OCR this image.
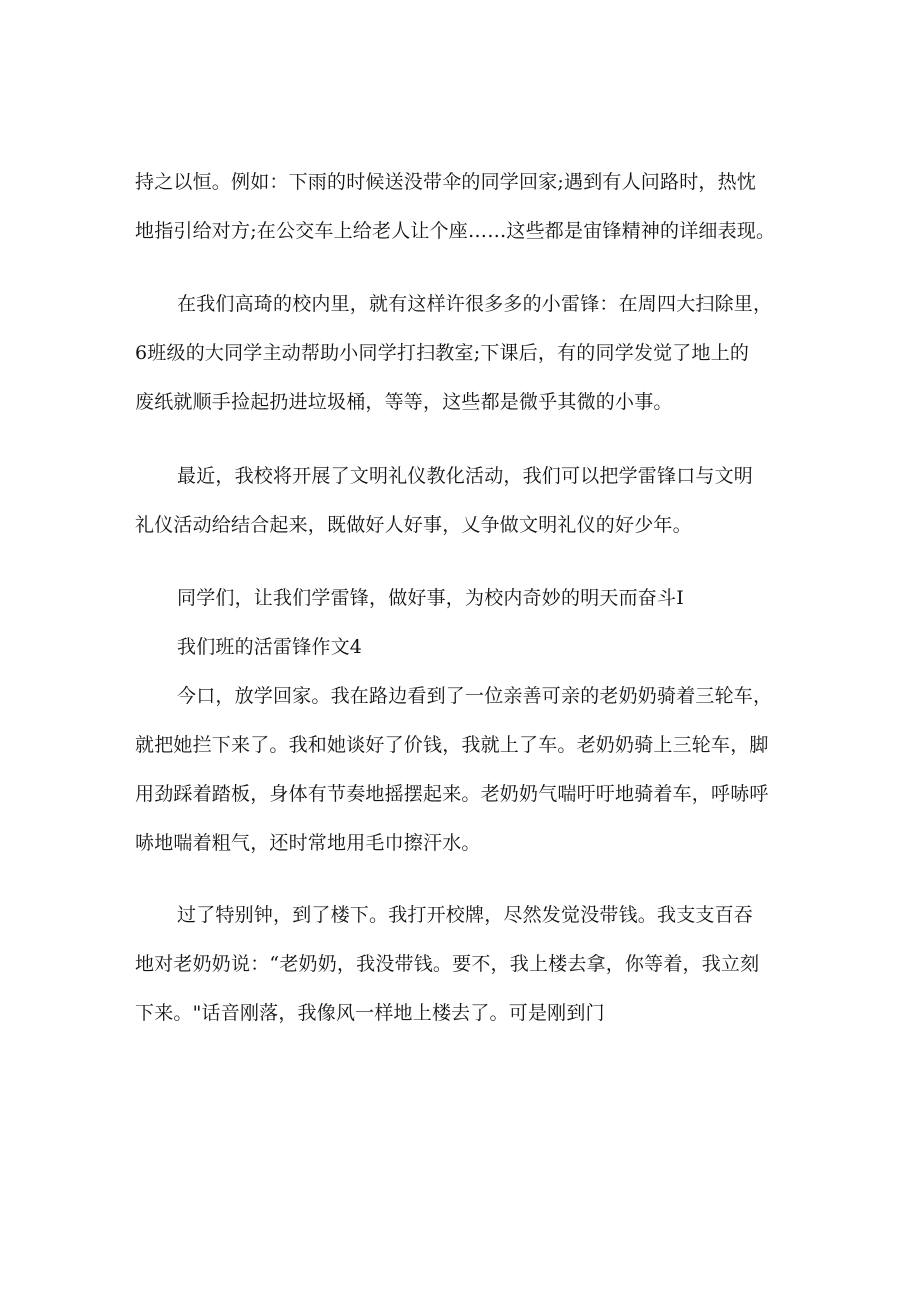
持之以恒。例如：下雨的时候送没带伞的同学回家;遇到有人问路时，热忱
地指引给对方;在公交车上给老人让个座……这些都是宙锋精神的详细表现。
在我们高琦的校内里，就有这样许很多多的小雷锋：在周四大扫除里，
6班级的大同学主动帮助小同学打扫教室;下课后，有的同学发觉了地上的
废纸就顺手捡起扔进垃圾桶，等等，这些都是微乎其微的小事。
最近，我校将开展了文明礼仪教化活动，我们可以把学雷锋口与文明
礼仪活动给结合起来，既做好人好事，乂争做文明礼仪的好少年。
同学们，让我们学雷锋，做好事，为校内奇妙的明天而奋斗I
我们班的活雷锋作文4
今口，放学回家。我在路边看到了一位亲善可亲的老奶奶骑着三轮车，
就把她拦下来了。我和她谈好了价钱，我就上了车。老奶奶骑上三轮车，脚
用劲踩着踏板，身体有节奏地摇摆起来。老奶奶气喘吁吁地骑着车，呼哧呼
哧地喘着粗气，还时常地用毛巾擦汗水。
过了特别钟，到了楼下。我打开校牌，尽然发觉没带钱。我支支百吞
地对老奶奶说：“老奶奶，我没带钱。要不，我上楼去拿，你等着，我立刻
下来。"话音刚落，我像风一样地上楼去了。可是刚到门
